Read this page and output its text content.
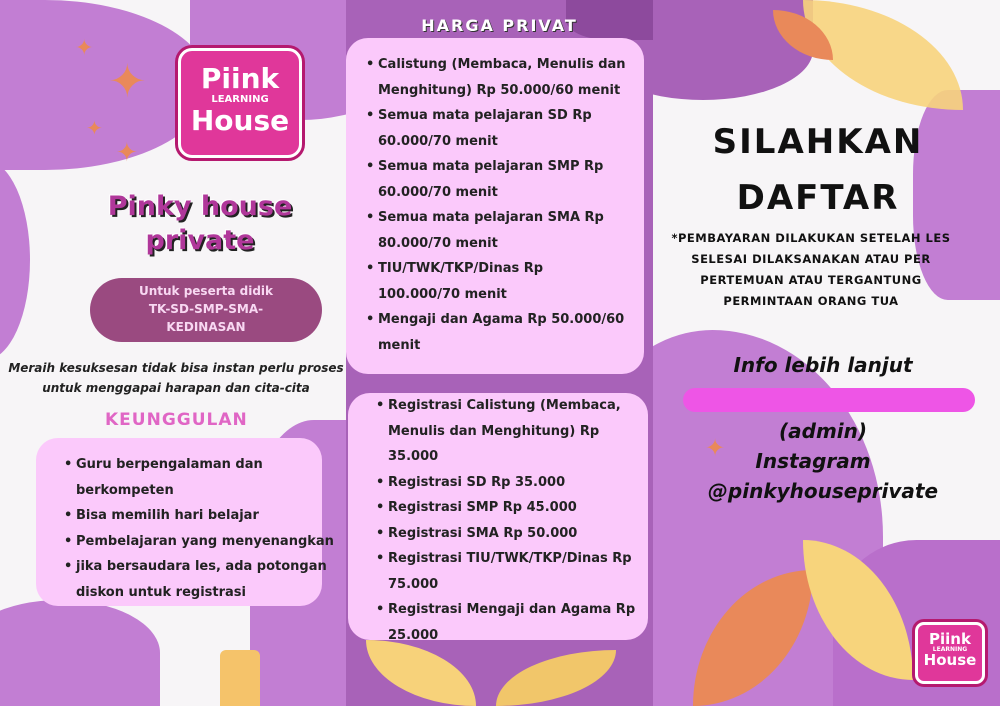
✦
✦
✦
✦
Piink
LEARNING
House
Pinky house private
Untuk peserta didik
TK-SD-SMP-SMA-
KEDINASAN
Meraih kesuksesan tidak bisa instan perlu proses untuk menggapai harapan dan cita-cita
KEUNGGULAN
• Guru berpengalaman dan berkompeten
• Bisa memilih hari belajar
• Pembelajaran yang menyenangkan
• jika bersaudara les, ada potongan diskon untuk registrasi
HARGA PRIVAT
• Calistung (Membaca, Menulis dan Menghitung) Rp 50.000/60 menit
• Semua mata pelajaran SD Rp 60.000/70 menit
• Semua mata pelajaran SMP Rp 60.000/70 menit
• Semua mata pelajaran SMA Rp 80.000/70 menit
• TIU/TWK/TKP/Dinas Rp 100.000/70 menit
• Mengaji dan Agama Rp 50.000/60 menit
• Registrasi Calistung (Membaca, Menulis dan Menghitung) Rp 35.000
• Registrasi SD Rp 35.000
• Registrasi SMP Rp 45.000
• Registrasi SMA Rp 50.000
• Registrasi TIU/TWK/TKP/Dinas Rp 75.000
• Registrasi Mengaji dan Agama Rp 25.000
SILAHKAN
DAFTAR
*PEMBAYARAN DILAKUKAN SETELAH LES SELESAI DILAKSANAKAN ATAU PER PERTEMUAN ATAU TERGANTUNG PERMINTAAN ORANG TUA
Info lebih lanjut
(admin)
✦	Instagram
@pinkyhouseprivate
Piink
LEARNING
House
